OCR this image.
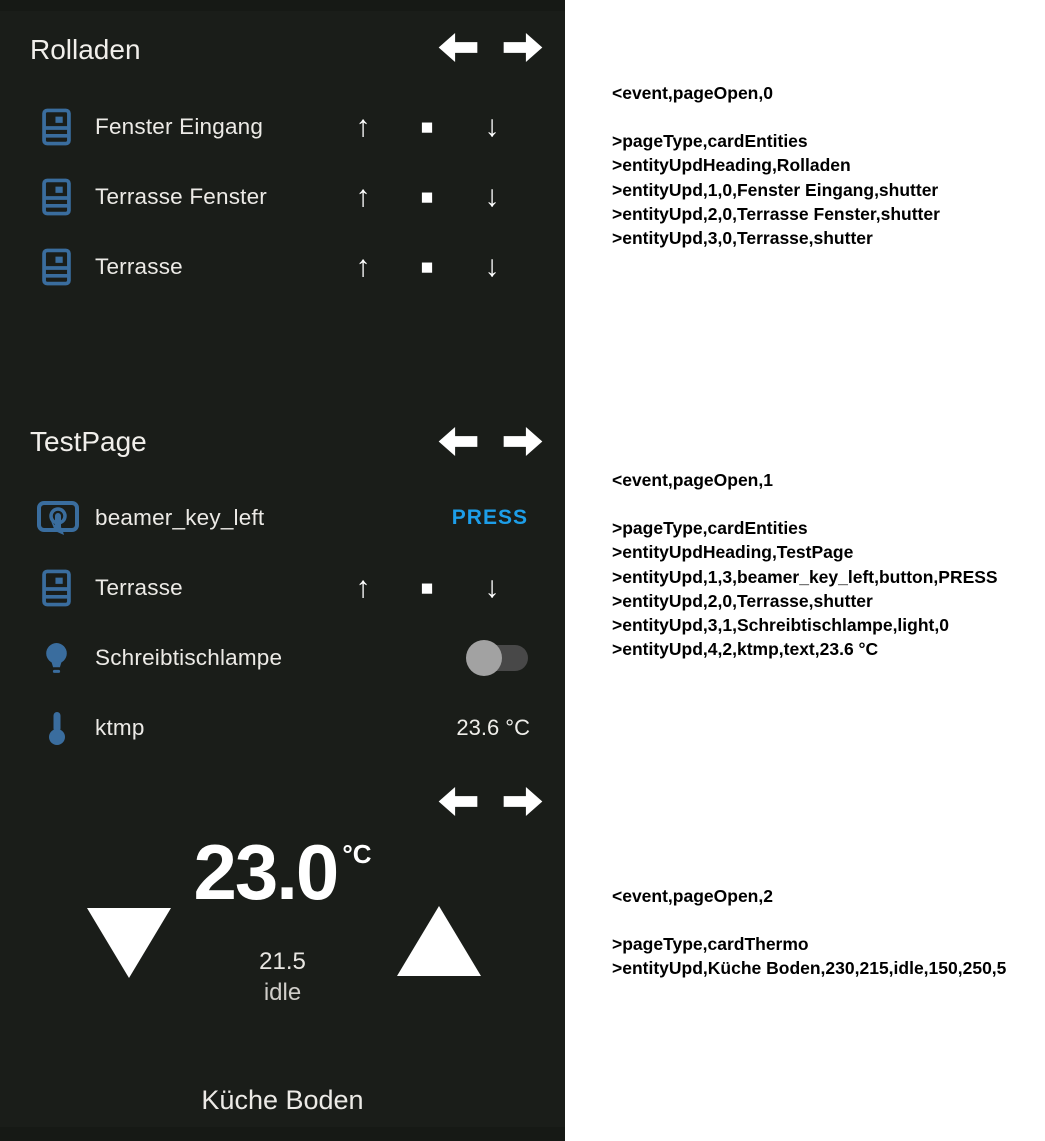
Rolladen
Fenster Eingang	↑	■	↓
Terrasse Fenster	↑	■	↓
Terrasse	↑	■	↓
TestPage
beamer_key_left	PRESS
Terrasse	↑	■	↓
Schreibtischlampe
ktmp	23.6 °C
23.0 °C
21.5
idle
Küche Boden

<event,pageOpen,0

>pageType,cardEntities

>entityUpdHeading,Rolladen

>entityUpd,1,0,Fenster Eingang,shutter

>entityUpd,2,0,Terrasse Fenster,shutter

>entityUpd,3,0,Terrasse,shutter

<event,pageOpen,1

>pageType,cardEntities

>entityUpdHeading,TestPage

>entityUpd,1,3,beamer_key_left,button,PRESS

>entityUpd,2,0,Terrasse,shutter

>entityUpd,3,1,Schreibtischlampe,light,0

>entityUpd,4,2,ktmp,text,23.6 °C

<event,pageOpen,2

>pageType,cardThermo

>entityUpd,Küche Boden,230,215,idle,150,250,5
